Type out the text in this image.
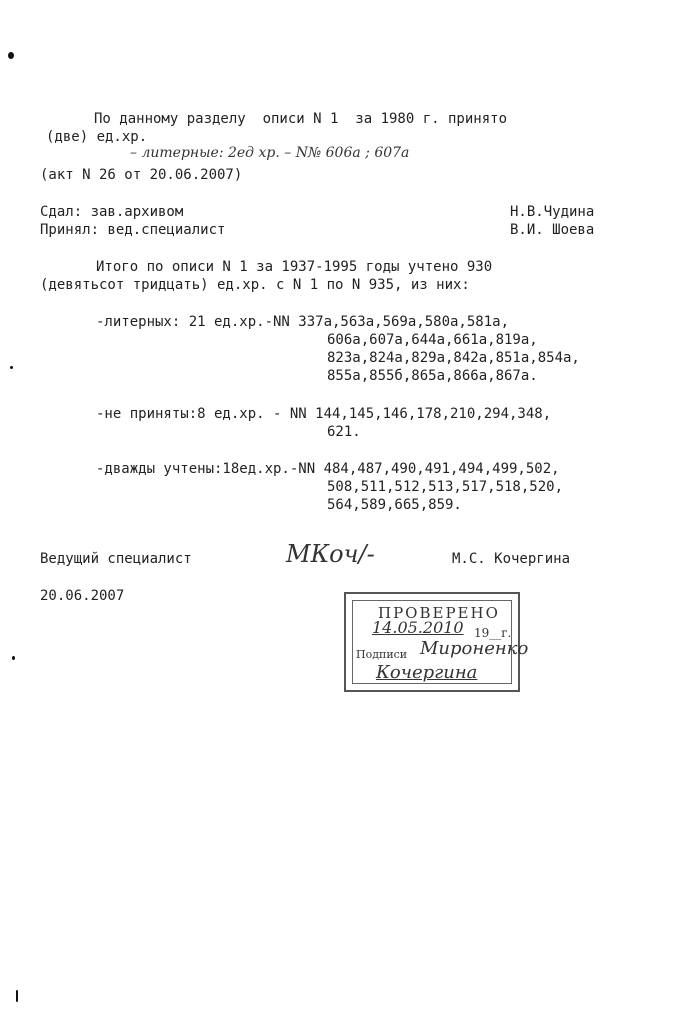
По данному разделу  описи N 1  за 1980 г. принято
(две) ед.хр.
– литерные: 2ед хр. – N№ 606а ; 607а
(акт N 26 от 20.06.2007)
Сдал: зав.архивом	Н.В.Чудина
Принял: вед.специалист	В.И. Шоева
Итого по описи N 1 за 1937-1995 годы учтено 930
(девятьсот тридцать) ед.хр. с N 1 по N 935, из них:
-литерных: 21 ед.хр.-NN 337а,563а,569а,580а,581а,
606а,607а,644а,661а,819а,
823а,824а,829а,842а,851а,854а,
855а,855б,865а,866а,867а.
-не приняты:8 ед.хр. - NN 144,145,146,178,210,294,348,
621.
-дважды учтены:18ед.хр.-NN 484,487,490,491,494,499,502,
508,511,512,513,517,518,520,
564,589,665,859.
Ведущий специалист	МКоч/-	М.С. Кочергина
20.06.2007
ПРОВЕРЕНО
14.05.2010 19__г.
Подписи Мироненко
Кочергина
